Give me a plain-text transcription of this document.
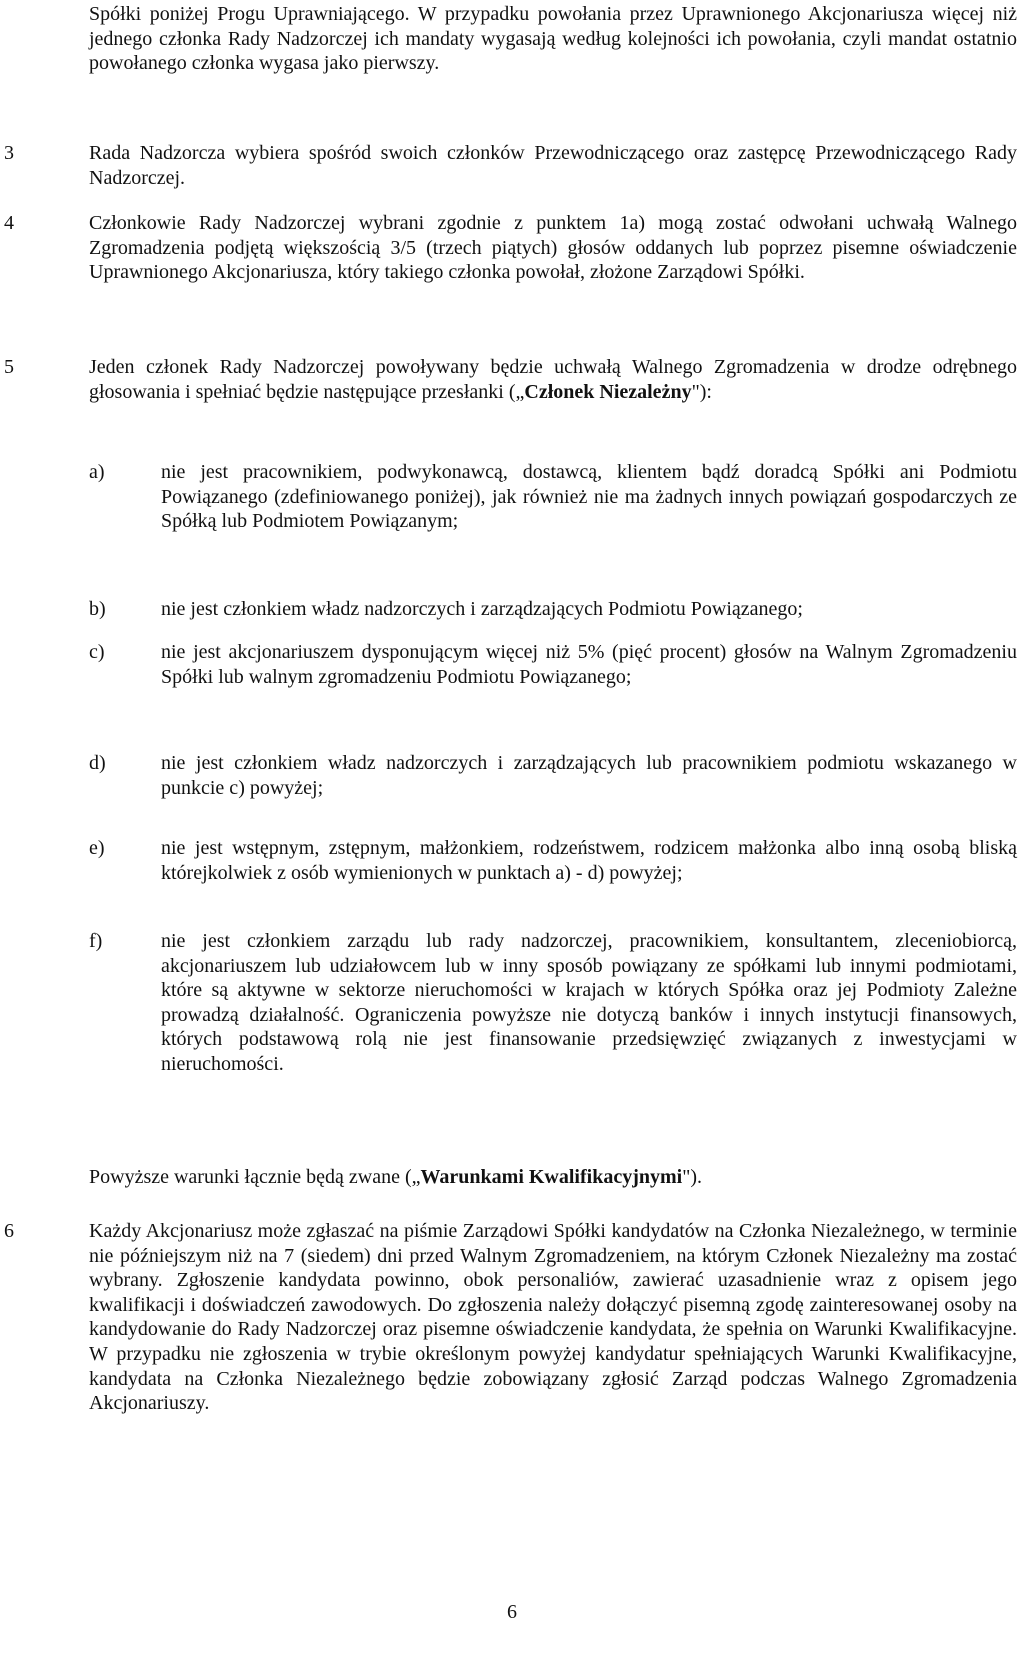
Spółki poniżej Progu Uprawniającego. W przypadku powołania przez Uprawnionego Akcjonariusza więcej niż jednego członka Rady Nadzorczej ich mandaty wygasają według kolejności ich powołania, czyli mandat ostatnio powołanego członka wygasa jako pierwszy.

3	Rada Nadzorcza wybiera spośród swoich członków Przewodniczącego oraz zastępcę Przewodniczącego Rady Nadzorczej.

4	Członkowie Rady Nadzorczej wybrani zgodnie z punktem 1a) mogą zostać odwołani uchwałą Walnego Zgromadzenia podjętą większością 3/5 (trzech piątych) głosów oddanych lub poprzez pisemne oświadczenie Uprawnionego Akcjonariusza, który takiego członka powołał, złożone Zarządowi Spółki.

5	Jeden członek Rady Nadzorczej powoływany będzie uchwałą Walnego Zgromadzenia w drodze odrębnego głosowania i spełniać będzie następujące przesłanki („Członek Niezależny"):

a)	nie jest pracownikiem, podwykonawcą, dostawcą, klientem bądź doradcą Spółki ani Podmiotu Powiązanego (zdefiniowanego poniżej), jak również nie ma żadnych innych powiązań gospodarczych ze Spółką lub Podmiotem Powiązanym;

b)	nie jest członkiem władz nadzorczych i zarządzających Podmiotu Powiązanego;

c)	nie jest akcjonariuszem dysponującym więcej niż 5% (pięć procent) głosów na Walnym Zgromadzeniu Spółki lub walnym zgromadzeniu Podmiotu Powiązanego;

d)	nie jest członkiem władz nadzorczych i zarządzających lub pracownikiem podmiotu wskazanego w punkcie c) powyżej;

e)	nie jest wstępnym, zstępnym, małżonkiem, rodzeństwem, rodzicem małżonka albo inną osobą bliską którejkolwiek z osób wymienionych w punktach a) - d) powyżej;

f)	nie jest członkiem zarządu lub rady nadzorczej, pracownikiem, konsultantem, zleceniobiorcą, akcjonariuszem lub udziałowcem lub w inny sposób powiązany ze spółkami lub innymi podmiotami, które są aktywne w sektorze nieruchomości w krajach w których Spółka oraz jej Podmioty Zależne prowadzą działalność. Ograniczenia powyższe nie dotyczą banków i innych instytucji finansowych, których podstawową rolą nie jest finansowanie przedsięwzięć związanych z inwestycjami w nieruchomości.

Powyższe warunki łącznie będą zwane („Warunkami Kwalifikacyjnymi").

6	Każdy Akcjonariusz może zgłaszać na piśmie Zarządowi Spółki kandydatów na Członka Niezależnego, w terminie nie późniejszym niż na 7 (siedem) dni przed Walnym Zgromadzeniem, na którym Członek Niezależny ma zostać wybrany. Zgłoszenie kandydata powinno, obok personaliów, zawierać uzasadnienie wraz z opisem jego kwalifikacji i doświadczeń zawodowych. Do zgłoszenia należy dołączyć pisemną zgodę zainteresowanej osoby na kandydowanie do Rady Nadzorczej oraz pisemne oświadczenie kandydata, że spełnia on Warunki Kwalifikacyjne. W przypadku nie zgłoszenia w trybie określonym powyżej kandydatur spełniających Warunki Kwalifikacyjne, kandydata na Członka Niezależnego będzie zobowiązany zgłosić Zarząd podczas Walnego Zgromadzenia Akcjonariuszy.

6
